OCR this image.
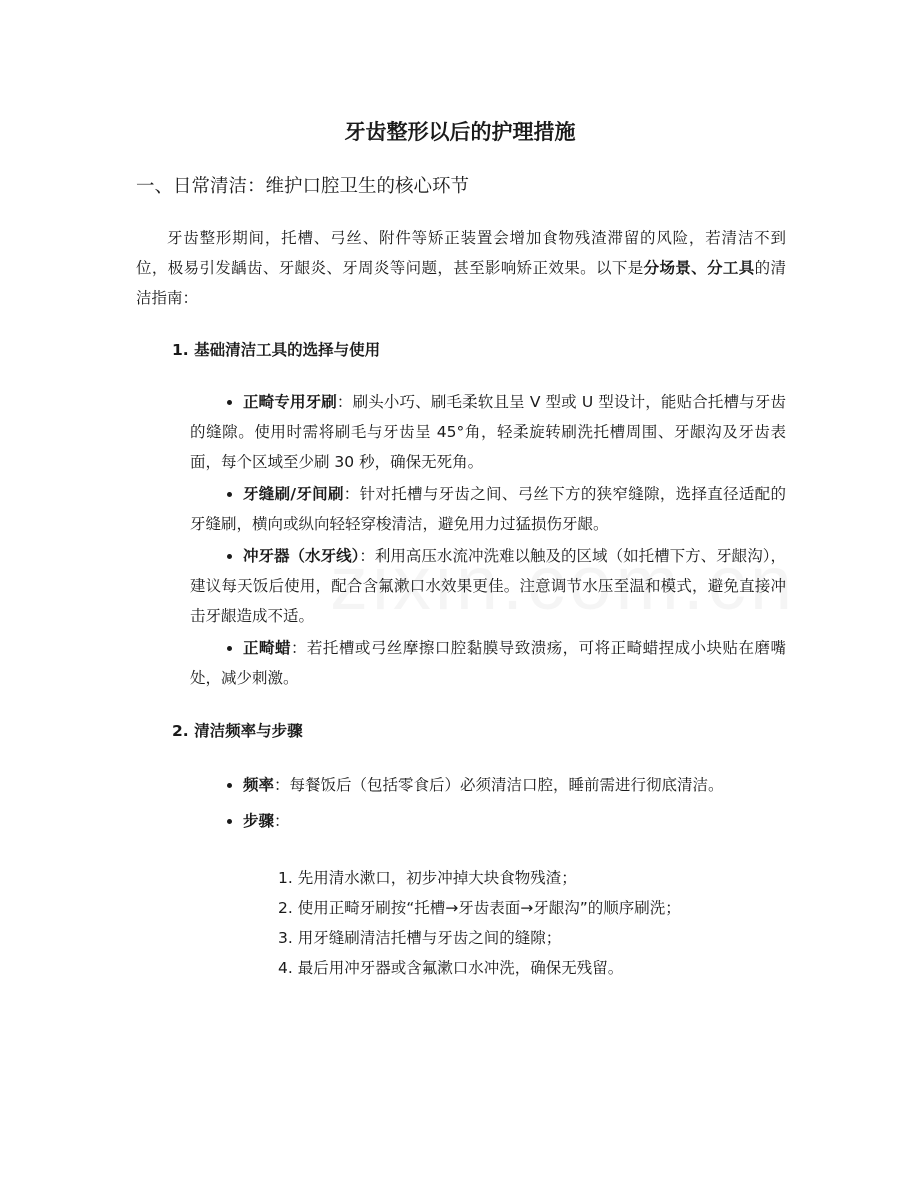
牙齿整形以后的护理措施
一、日常清洁：维护口腔卫生的核心环节

牙齿整形期间，托槽、弓丝、附件等矫正装置会增加食物残渣滞留的风险，若清洁不到位，极易引发龋齿、牙龈炎、牙周炎等问题，甚至影响矫正效果。以下是分场景、分工具的清洁指南：

1. 基础清洁工具的选择与使用
正畸专用牙刷：刷头小巧、刷毛柔软且呈 V 型或 U 型设计，能贴合托槽与牙齿的缝隙。使用时需将刷毛与牙齿呈 45°角，轻柔旋转刷洗托槽周围、牙龈沟及牙齿表面，每个区域至少刷 30 秒，确保无死角。
牙缝刷/牙间刷：针对托槽与牙齿之间、弓丝下方的狭窄缝隙，选择直径适配的牙缝刷，横向或纵向轻轻穿梭清洁，避免用力过猛损伤牙龈。
冲牙器（水牙线）：利用高压水流冲洗难以触及的区域（如托槽下方、牙龈沟），建议每天饭后使用，配合含氟漱口水效果更佳。注意调节水压至温和模式，避免直接冲击牙龈造成不适。
正畸蜡：若托槽或弓丝摩擦口腔黏膜导致溃疡，可将正畸蜡捏成小块贴在磨嘴处，减少刺激。
2. 清洁频率与步骤
频率：每餐饭后（包括零食后）必须清洁口腔，睡前需进行彻底清洁。
步骤：
1. 先用清水漱口，初步冲掉大块食物残渣；
2. 使用正畸牙刷按“托槽→牙齿表面→牙龈沟”的顺序刷洗；
3. 用牙缝刷清洁托槽与牙齿之间的缝隙；
4. 最后用冲牙器或含氟漱口水冲洗，确保无残留。
